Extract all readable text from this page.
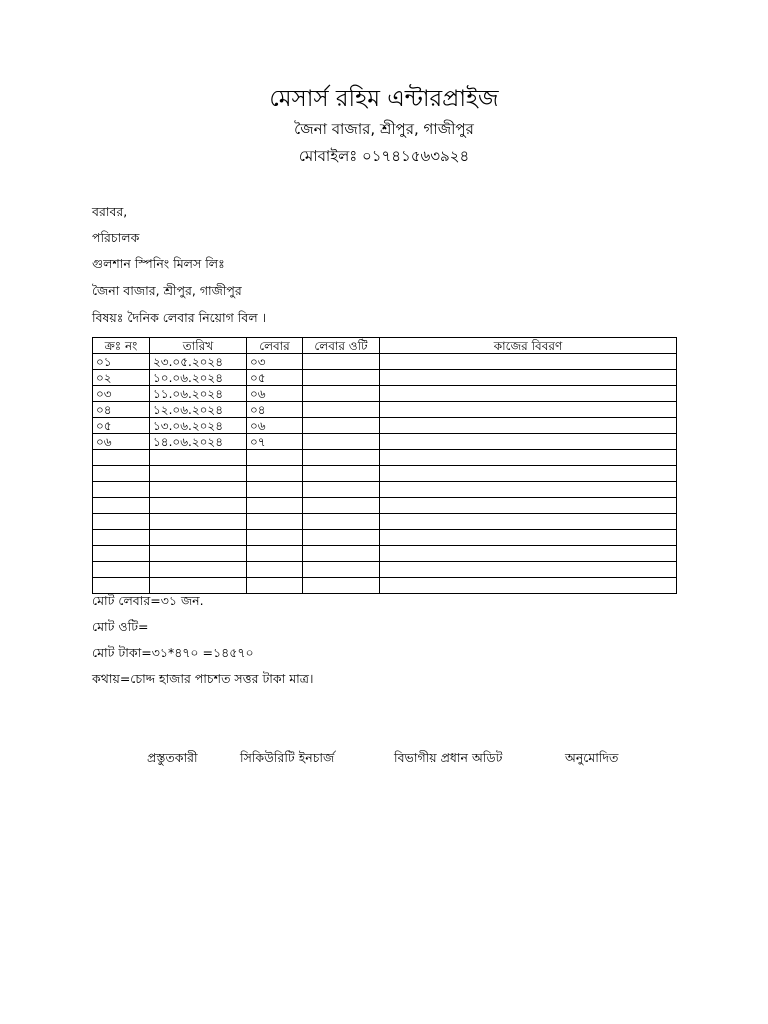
মেসার্স রহিম এন্টারপ্রাইজ
জৈনা বাজার, শ্রীপুর, গাজীপুর
মোবাইলঃ ০১৭৪১৫৬৩৯২৪
বরাবর,
পরিচালক
গুলশান স্পিনিং মিলস লিঃ
জৈনা বাজার, শ্রীপুর, গাজীপুর
বিষয়ঃ দৈনিক লেবার নিয়োগ বিল ।
ক্রঃ নং	তারিখ	লেবার	লেবার ওটি	কাজের বিবরণ
০১	২৩.০৫.২০২৪	০৩		
০২	১০.০৬.২০২৪	০৫		
০৩	১১.০৬.২০২৪	০৬		
০৪	১২.০৬.২০২৪	০৪		
০৫	১৩.০৬.২০২৪	০৬		
০৬	১৪.০৬.২০২৪	০৭		

মোট লেবার=৩১ জন.
মোট ওটি=
মোট টাকা=৩১*৪৭০ =১৪৫৭০
কথায়=চোদ্দ হাজার পাচশত সত্তর টাকা মাত্র।
প্রস্তুতকারী	সিকিউরিটি ইনচার্জ	বিভাগীয় প্রধান অডিট	অনুমোদিত
